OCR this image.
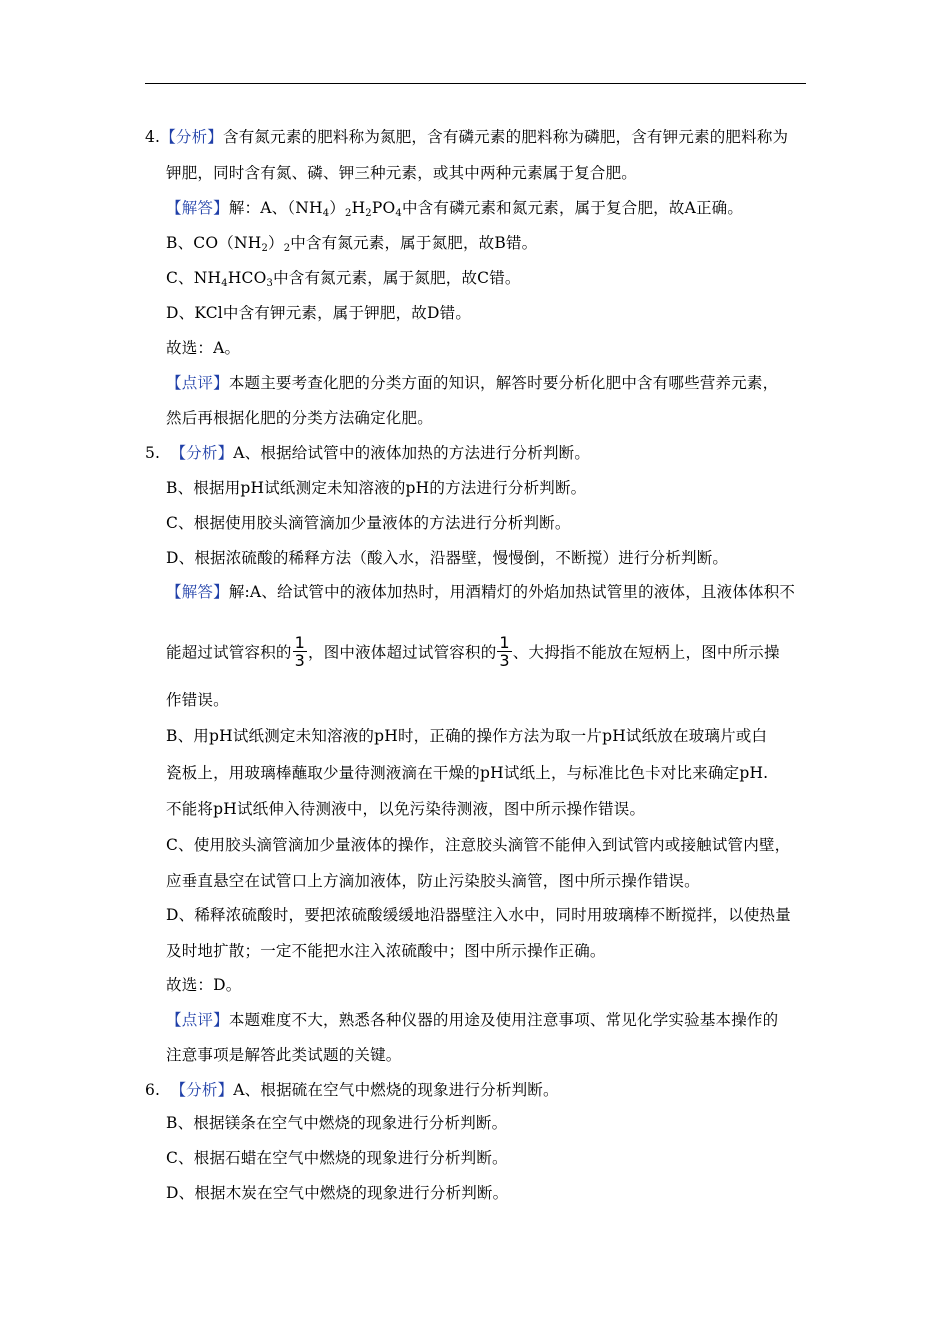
4.【分析】含有氮元素的肥料称为氮肥，含有磷元素的肥料称为磷肥，含有钾元素的肥料称为
钾肥，同时含有氮、磷、钾三种元素，或其中两种元素属于复合肥。
【解答】解：A、$(NH_4)_2H_2PO_4$中含有磷元素和氮元素，属于复合肥，故A正确。
B、$CO(NH_2)_2$中含有氮元素，属于氮肥，故B错。
C、$NH_4HCO_3$中含有氮元素，属于氮肥，故C错。
D、KCl中含有钾元素，属于钾肥，故D错。
故选：A。
【点评】本题主要考查化肥的分类方面的知识，解答时要分析化肥中含有哪些营养元素，
然后再根据化肥的分类方法确定化肥。
5. 【分析】A、根据给试管中的液体加热的方法进行分析判断。
B、根据用pH试纸测定未知溶液的pH的方法进行分析判断。
C、根据使用胶头滴管滴加少量液体的方法进行分析判断。
D、根据浓硫酸的稀释方法（酸入水，沿器壁，慢慢倒，不断搅）进行分析判断。
【解答】解:A、给试管中的液体加热时，用酒精灯的外焰加热试管里的液体，且液体体积不
能超过试管容积的 $\frac{1}{3}$ ，图中液体超过试管容积的 $\frac{1}{3}$ 、大拇指不能放在短柄上，图中所示操
作错误。
B、用pH试纸测定未知溶液的pH时，正确的操作方法为取一片pH试纸放在玻璃片或白
瓷板上，用玻璃棒蘸取少量待测液滴在干燥的pH试纸上，与标准比色卡对比来确定pH.
不能将pH试纸伸入待测液中，以免污染待测液，图中所示操作错误。
C、使用胶头滴管滴加少量液体的操作，注意胶头滴管不能伸入到试管内或接触试管内壁，
应垂直悬空在试管口上方滴加液体，防止污染胶头滴管，图中所示操作错误。
D、稀释浓硫酸时，要把浓硫酸缓缓地沿器壁注入水中，同时用玻璃棒不断搅拌，以使热量
及时地扩散；一定不能把水注入浓硫酸中；图中所示操作正确。
故选：D。
【点评】本题难度不大，熟悉各种仪器的用途及使用注意事项、常见化学实验基本操作的
注意事项是解答此类试题的关键。
6. 【分析】A、根据硫在空气中燃烧的现象进行分析判断。
B、根据镁条在空气中燃烧的现象进行分析判断。
C、根据石蜡在空气中燃烧的现象进行分析判断。
D、根据木炭在空气中燃烧的现象进行分析判断。
